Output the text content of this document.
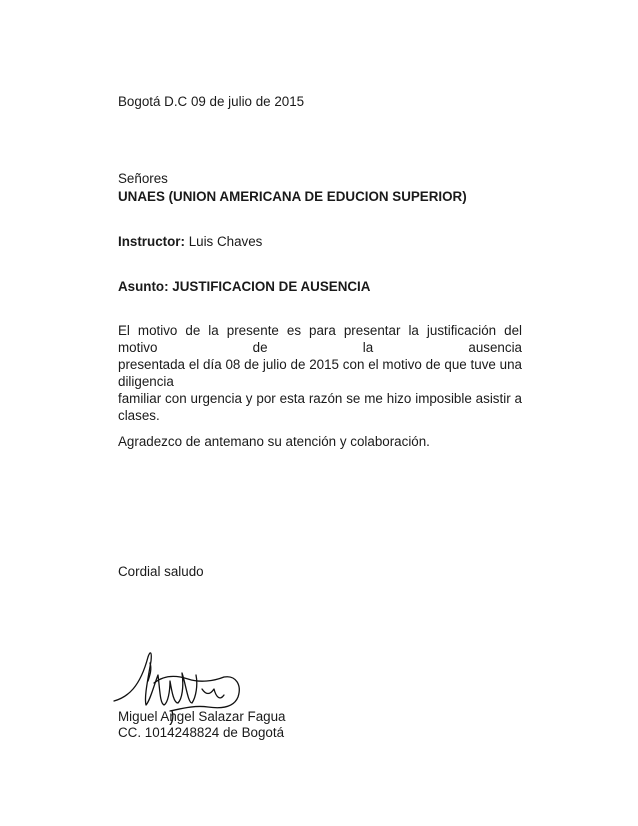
Bogotá D.C 09 de julio de 2015
Señores
UNAES (UNION AMERICANA DE EDUCION SUPERIOR)
Instructor: Luis Chaves
Asunto: JUSTIFICACION DE AUSENCIA
El motivo de la presente es para presentar la justificación del motivo de la ausencia
presentada el día 08 de julio de 2015 con el motivo de que tuve una diligencia
familiar con urgencia y por esta razón se me hizo imposible asistir a clases.
Agradezco de antemano su atención y colaboración.
Cordial saludo
Miguel Angel Salazar Fagua
CC. 1014248824 de Bogotá
